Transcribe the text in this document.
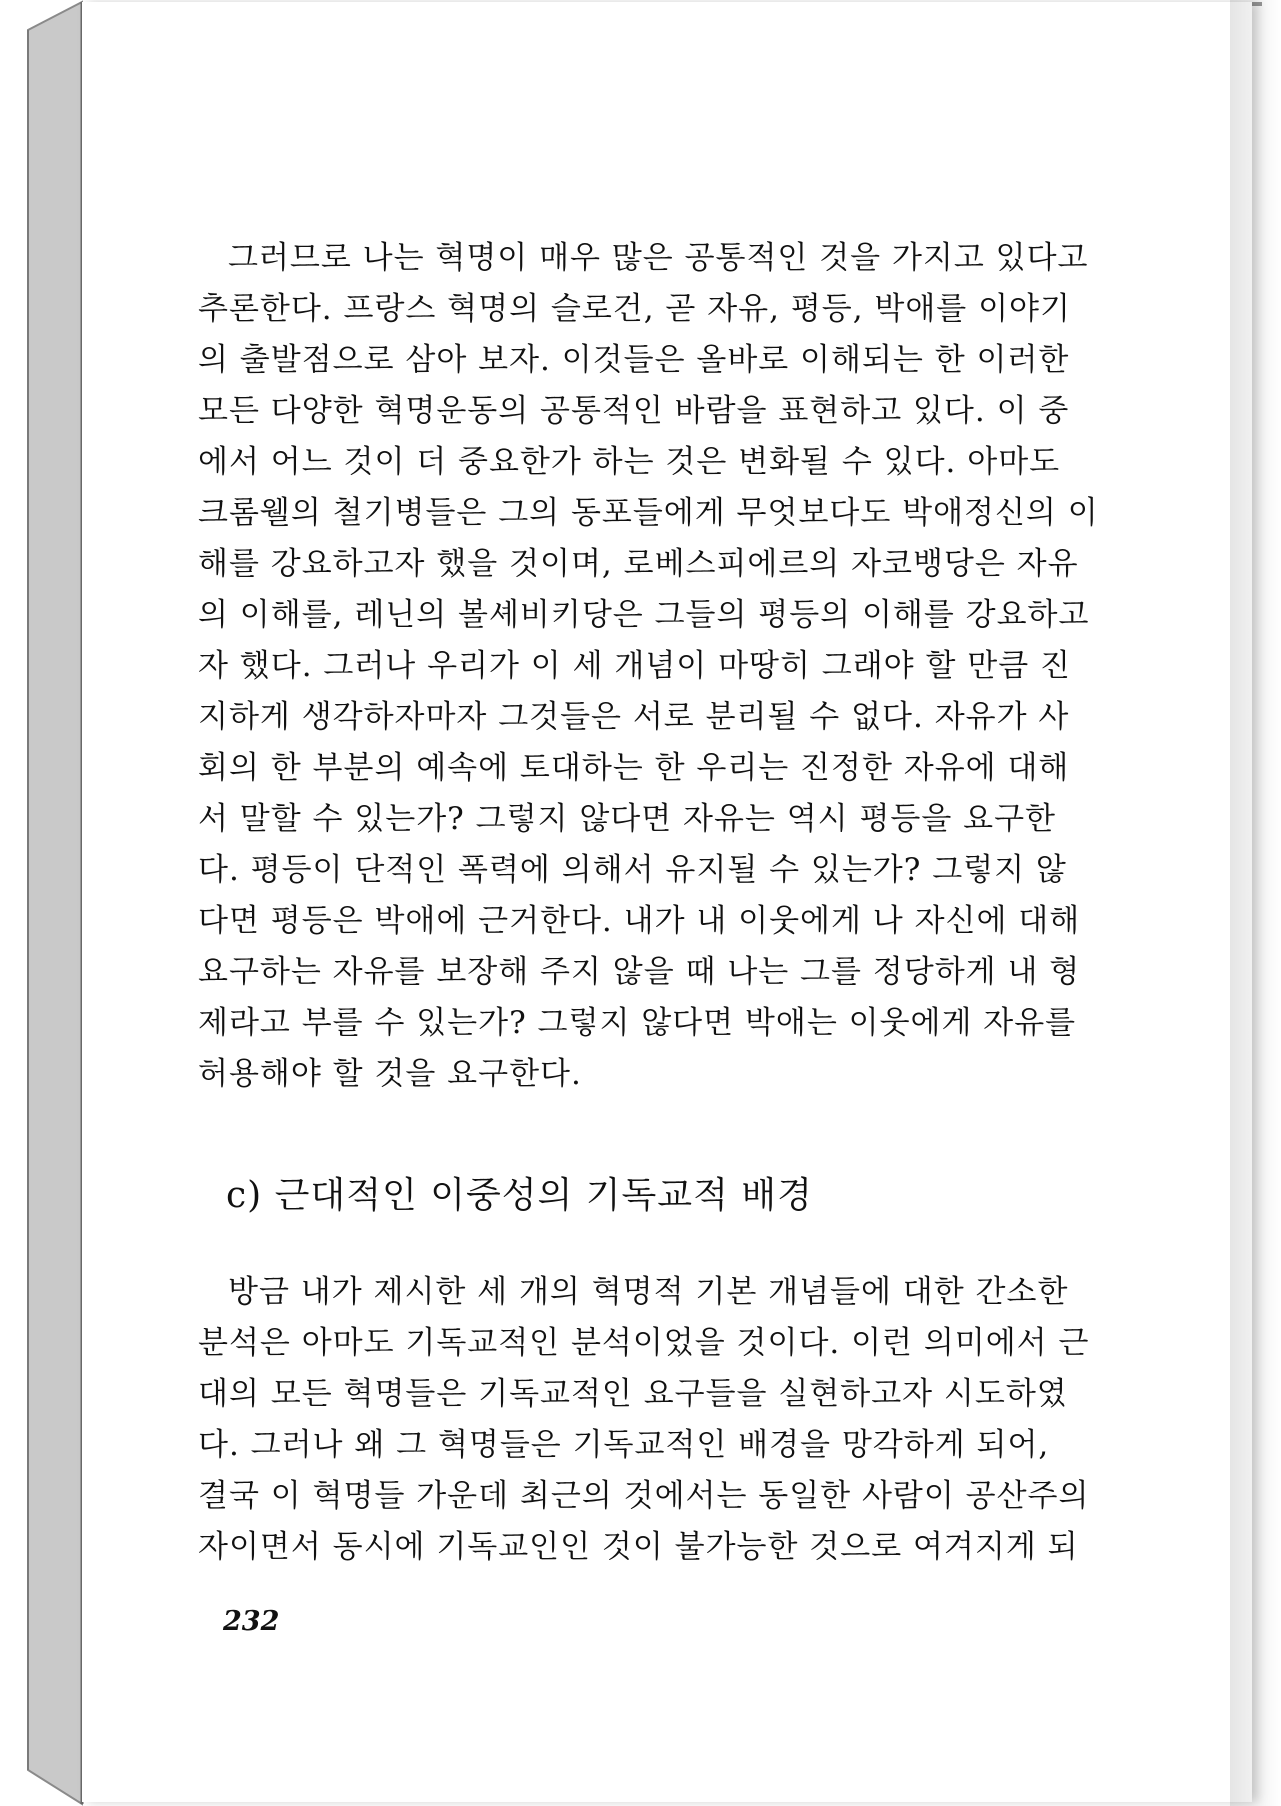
그러므로 나는 혁명이 매우 많은 공통적인 것을 가지고 있다고
추론한다. 프랑스 혁명의 슬로건, 곧 자유, 평등, 박애를 이야기
의 출발점으로 삼아 보자. 이것들은 올바로 이해되는 한 이러한
모든 다양한 혁명운동의 공통적인 바람을 표현하고 있다. 이 중
에서 어느 것이 더 중요한가 하는 것은 변화될 수 있다. 아마도
크롬웰의 철기병들은 그의 동포들에게 무엇보다도 박애정신의 이
해를 강요하고자 했을 것이며, 로베스피에르의 자코뱅당은 자유
의 이해를, 레닌의 볼셰비키당은 그들의 평등의 이해를 강요하고
자 했다. 그러나 우리가 이 세 개념이 마땅히 그래야 할 만큼 진
지하게 생각하자마자 그것들은 서로 분리될 수 없다. 자유가 사
회의 한 부분의 예속에 토대하는 한 우리는 진정한 자유에 대해
서 말할 수 있는가? 그렇지 않다면 자유는 역시 평등을 요구한
다. 평등이 단적인 폭력에 의해서 유지될 수 있는가? 그렇지 않
다면 평등은 박애에 근거한다. 내가 내 이웃에게 나 자신에 대해
요구하는 자유를 보장해 주지 않을 때 나는 그를 정당하게 내 형
제라고 부를 수 있는가? 그렇지 않다면 박애는 이웃에게 자유를
허용해야 할 것을 요구한다.

c) 근대적인 이중성의 기독교적 배경

방금 내가 제시한 세 개의 혁명적 기본 개념들에 대한 간소한
분석은 아마도 기독교적인 분석이었을 것이다. 이런 의미에서 근
대의 모든 혁명들은 기독교적인 요구들을 실현하고자 시도하였
다. 그러나 왜 그 혁명들은 기독교적인 배경을 망각하게 되어,
결국 이 혁명들 가운데 최근의 것에서는 동일한 사람이 공산주의
자이면서 동시에 기독교인인 것이 불가능한 것으로 여겨지게 되

232
